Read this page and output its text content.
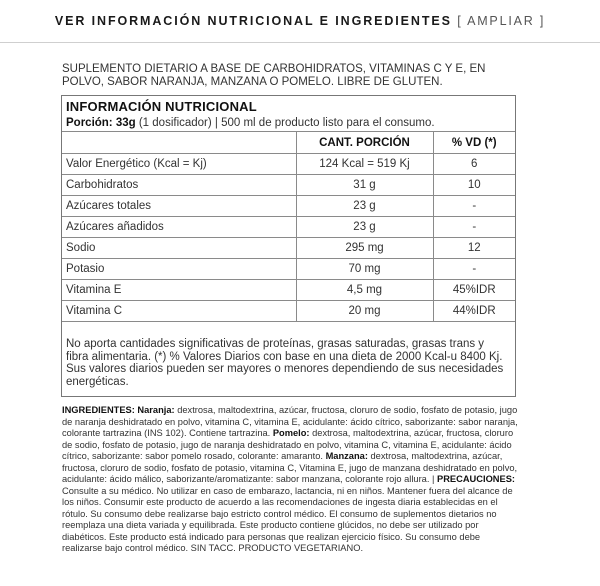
VER INFORMACIÓN NUTRICIONAL E INGREDIENTES [ AMPLIAR ]
SUPLEMENTO DIETARIO A BASE DE CARBOHIDRATOS, VITAMINAS C Y E, EN POLVO, SABOR NARANJA, MANZANA O POMELO. LIBRE DE GLUTEN.
INFORMACIÓN NUTRICIONAL
Porción: 33g (1 dosificador) | 500 ml de producto listo para el consumo.
	CANT. PORCIÓN	% VD (*)
Valor Energético (Kcal = Kj)	124 Kcal = 519 Kj	6
Carbohidratos	31 g	10
Azúcares totales	23 g	-
Azúcares añadidos	23 g	-
Sodio	295 mg	12
Potasio	70 mg	-
Vitamina E	4,5 mg	45%IDR
Vitamina C	20 mg	44%IDR
No aporta cantidades significativas de proteínas, grasas saturadas, grasas trans y fibra alimentaria. (*) % Valores Diarios con base en una dieta de 2000 Kcal-u 8400 Kj. Sus valores diarios pueden ser mayores o menores dependiendo de sus necesidades energéticas.
INGREDIENTES: Naranja: dextrosa, maltodextrina, azúcar, fructosa, cloruro de sodio, fosfato de potasio, jugo de naranja deshidratado en polvo, vitamina C, vitamina E, acidulante: ácido cítrico, saborizante: sabor naranja, colorante tartrazina (INS 102). Contiene tartrazina. Pomelo: dextrosa, maltodextrina, azúcar, fructosa, cloruro de sodio, fosfato de potasio, jugo de naranja deshidratado en polvo, vitamina C, vitamina E, acidulante: ácido cítrico, saborizante: sabor pomelo rosado, colorante: amaranto. Manzana: dextrosa, maltodextrina, azúcar, fructosa, cloruro de sodio, fosfato de potasio, vitamina C, Vitamina E, jugo de manzana deshidratado en polvo, acidulante: ácido málico, saborizante/aromatizante: sabor manzana, colorante rojo allura. | PRECAUCIONES: Consulte a su médico. No utilizar en caso de embarazo, lactancia, ni en niños. Mantener fuera del alcance de los niños. Consumir este producto de acuerdo a las recomendaciones de ingesta diaria establecidas en el rótulo. Su consumo debe realizarse bajo estricto control médico. El consumo de suplementos dietarios no reemplaza una dieta variada y equilibrada. Este producto contiene glúcidos, no debe ser utilizado por diabéticos. Este producto está indicado para personas que realizan ejercicio físico. Su consumo debe realizarse bajo control médico. SIN TACC. PRODUCTO VEGETARIANO.
